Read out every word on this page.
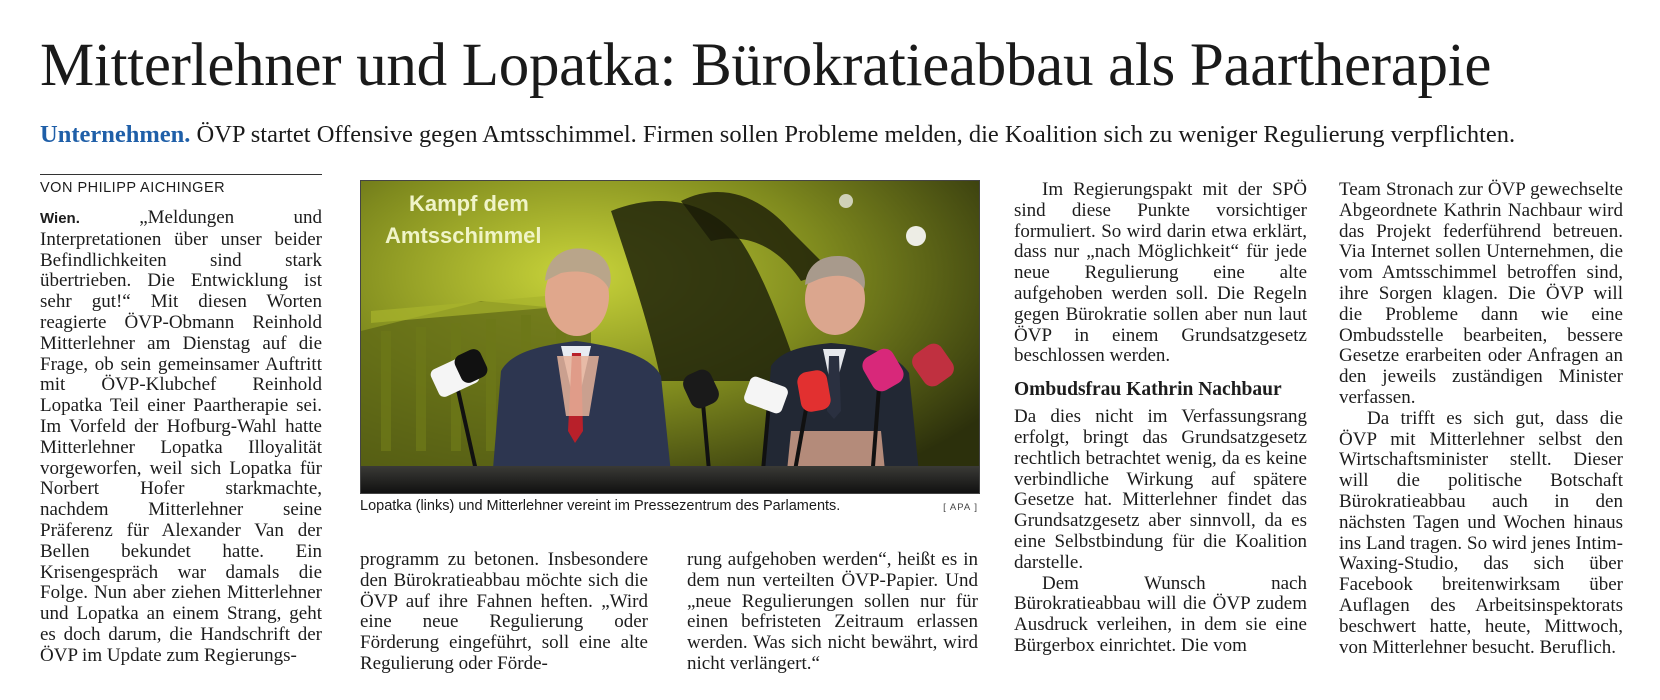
Mitterlehner und Lopatka: Bürokratieabbau als Paartherapie

Unternehmen. ÖVP startet Offensive gegen Amtsschimmel. Firmen sollen Probleme melden, die Koalition sich zu weniger Regulierung verpflichten.

VON PHILIPP AICHINGER

Wien. „Meldungen und Interpretationen über unser beider Befindlichkeiten sind stark übertrieben. Die Entwicklung ist sehr gut!“ Mit diesen Worten reagierte ÖVP-Obmann Reinhold Mitterlehner am Dienstag auf die Frage, ob sein gemeinsamer Auftritt mit ÖVP-Klubchef Reinhold Lopatka Teil einer Paartherapie sei. Im Vorfeld der Hofburg-Wahl hatte Mitterlehner Lopatka Illoyalität vorgeworfen, weil sich Lopatka für Norbert Hofer starkmachte, nachdem Mitterlehner seine Präferenz für Alexander Van der Bellen bekundet hatte. Ein Krisengespräch war damals die Folge. Nun aber ziehen Mitterlehner und Lopatka an einem Strang, geht es doch darum, die Handschrift der ÖVP im Update zum Regierungs-

Kampf dem
Amtsschimmel
Lopatka (links) und Mitterlehner vereint im Pressezentrum des Parlaments.	[ APA ]

programm zu betonen. Insbesondere den Bürokratieabbau möchte sich die ÖVP auf ihre Fahnen heften. „Wird eine neue Regulierung oder Förderung eingeführt, soll eine alte Regulierung oder Förde-

rung aufgehoben werden“, heißt es in dem nun verteilten ÖVP-Papier. Und „neue Regulierungen sollen nur für einen befristeten Zeitraum erlassen werden. Was sich nicht bewährt, wird nicht verlängert.“

Im Regierungspakt mit der SPÖ sind diese Punkte vorsichtiger formuliert. So wird darin etwa erklärt, dass nur „nach Möglichkeit“ für jede neue Regulierung eine alte aufgehoben werden soll. Die Regeln gegen Bürokratie sollen aber nun laut ÖVP in einem Grundsatzgesetz beschlossen werden.

Ombudsfrau Kathrin Nachbaur

Da dies nicht im Verfassungsrang erfolgt, bringt das Grundsatzgesetz rechtlich betrachtet wenig, da es keine verbindliche Wirkung auf spätere Gesetze hat. Mitterlehner findet das Grundsatzgesetz aber sinnvoll, da es eine Selbstbindung für die Koalition darstelle.

Dem Wunsch nach Bürokratieabbau will die ÖVP zudem Ausdruck verleihen, in dem sie eine Bürgerbox einrichtet. Die vom

Team Stronach zur ÖVP gewechselte Abgeordnete Kathrin Nachbaur wird das Projekt federführend betreuen. Via Internet sollen Unternehmen, die vom Amtsschimmel betroffen sind, ihre Sorgen klagen. Die ÖVP will die Probleme dann wie eine Ombudsstelle bearbeiten, bessere Gesetze erarbeiten oder Anfragen an den jeweils zuständigen Minister verfassen.

Da trifft es sich gut, dass die ÖVP mit Mitterlehner selbst den Wirtschaftsminister stellt. Dieser will die politische Botschaft Bürokratieabbau auch in den nächsten Tagen und Wochen hinaus ins Land tragen. So wird jenes Intim-Waxing-Studio, das sich über Facebook breitenwirksam über Auflagen des Arbeitsinspektorats beschwert hatte, heute, Mittwoch, von Mitterlehner besucht. Beruflich.
